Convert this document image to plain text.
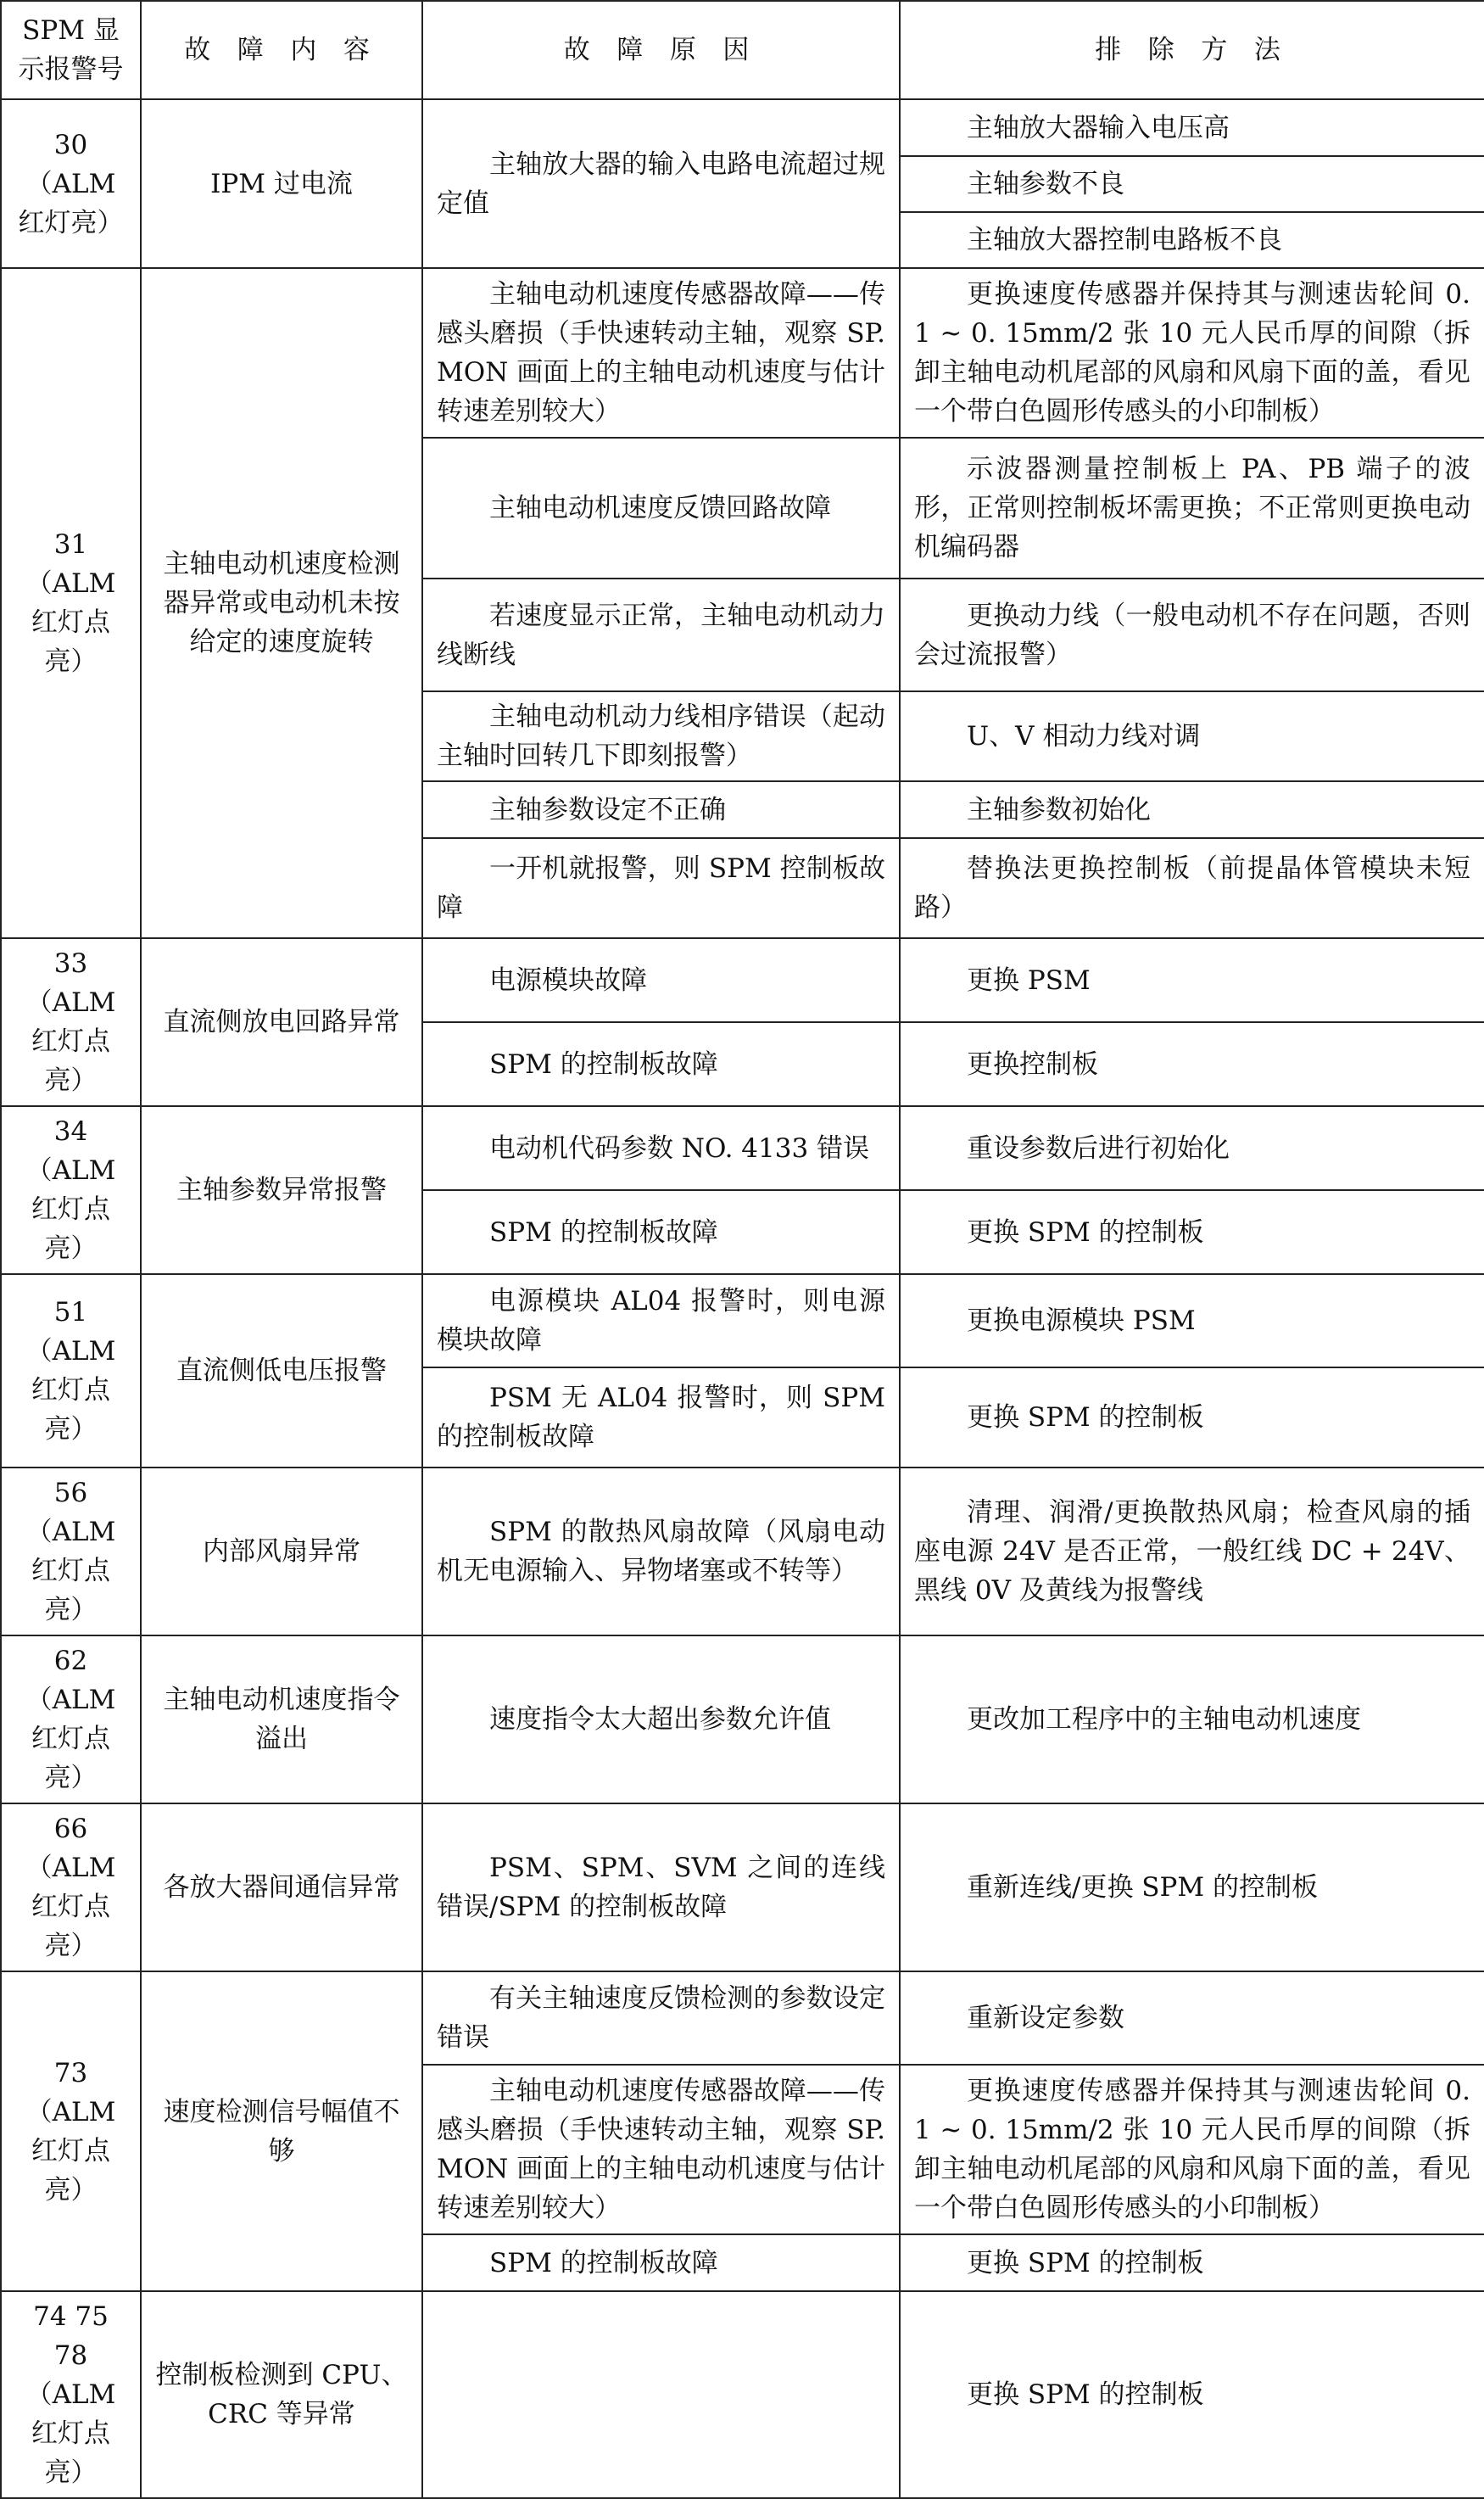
SPM 显示报警号	故 障 内 容	故 障 原 因	排 除 方 法
30（ALM 红灯亮）	IPM 过电流	主轴放大器的输入电路电流超过规定值	主轴放大器输入电压高
			主轴参数不良
			主轴放大器控制电路板不良
31（ALM 红灯点亮）	主轴电动机速度检测器异常或电动机未按给定的速度旋转	主轴电动机速度传感器故障——传感头磨损（手快速转动主轴，观察 SP. MON 画面上的主轴电动机速度与估计转速差别较大）	更换速度传感器并保持其与测速齿轮间 0. 1 ~ 0. 15mm/2 张 10 元人民币厚的间隙（拆卸主轴电动机尾部的风扇和风扇下面的盖，看见一个带白色圆形传感头的小印制板）
		主轴电动机速度反馈回路故障	示波器测量控制板上 PA、PB 端子的波形，正常则控制板坏需更换；不正常则更换电动机编码器
		若速度显示正常，主轴电动机动力线断线	更换动力线（一般电动机不存在问题，否则会过流报警）
		主轴电动机动力线相序错误（起动主轴时回转几下即刻报警）	U、V 相动力线对调
		主轴参数设定不正确	主轴参数初始化
		一开机就报警，则 SPM 控制板故障	替换法更换控制板（前提晶体管模块未短路）
33（ALM 红灯点亮）	直流侧放电回路异常	电源模块故障	更换 PSM
		SPM 的控制板故障	更换控制板
34（ALM 红灯点亮）	主轴参数异常报警	电动机代码参数 NO. 4133 错误	重设参数后进行初始化
		SPM 的控制板故障	更换 SPM 的控制板
51（ALM 红灯点亮）	直流侧低电压报警	电源模块 AL04 报警时，则电源模块故障	更换电源模块 PSM
		PSM 无 AL04 报警时，则 SPM 的控制板故障	更换 SPM 的控制板
56（ALM 红灯点亮）	内部风扇异常	SPM 的散热风扇故障（风扇电动机无电源输入、异物堵塞或不转等）	清理、润滑/更换散热风扇；检查风扇的插座电源 24V 是否正常，一般红线 DC + 24V、黑线 0V 及黄线为报警线
62（ALM 红灯点亮）	主轴电动机速度指令溢出	速度指令太大超出参数允许值	更改加工程序中的主轴电动机速度
66（ALM 红灯点亮）	各放大器间通信异常	PSM、SPM、SVM 之间的连线错误/SPM 的控制板故障	重新连线/更换 SPM 的控制板
73（ALM 红灯点亮）	速度检测信号幅值不够	有关主轴速度反馈检测的参数设定错误	重新设定参数
		主轴电动机速度传感器故障——传感头磨损（手快速转动主轴，观察 SP. MON 画面上的主轴电动机速度与估计转速差别较大）	更换速度传感器并保持其与测速齿轮间 0. 1 ~ 0. 15mm/2 张 10 元人民币厚的间隙（拆卸主轴电动机尾部的风扇和风扇下面的盖，看见一个带白色圆形传感头的小印制板）
		SPM 的控制板故障	更换 SPM 的控制板
74 75 78（ALM 红灯点亮）	控制板检测到 CPU、CRC 等异常		更换 SPM 的控制板
